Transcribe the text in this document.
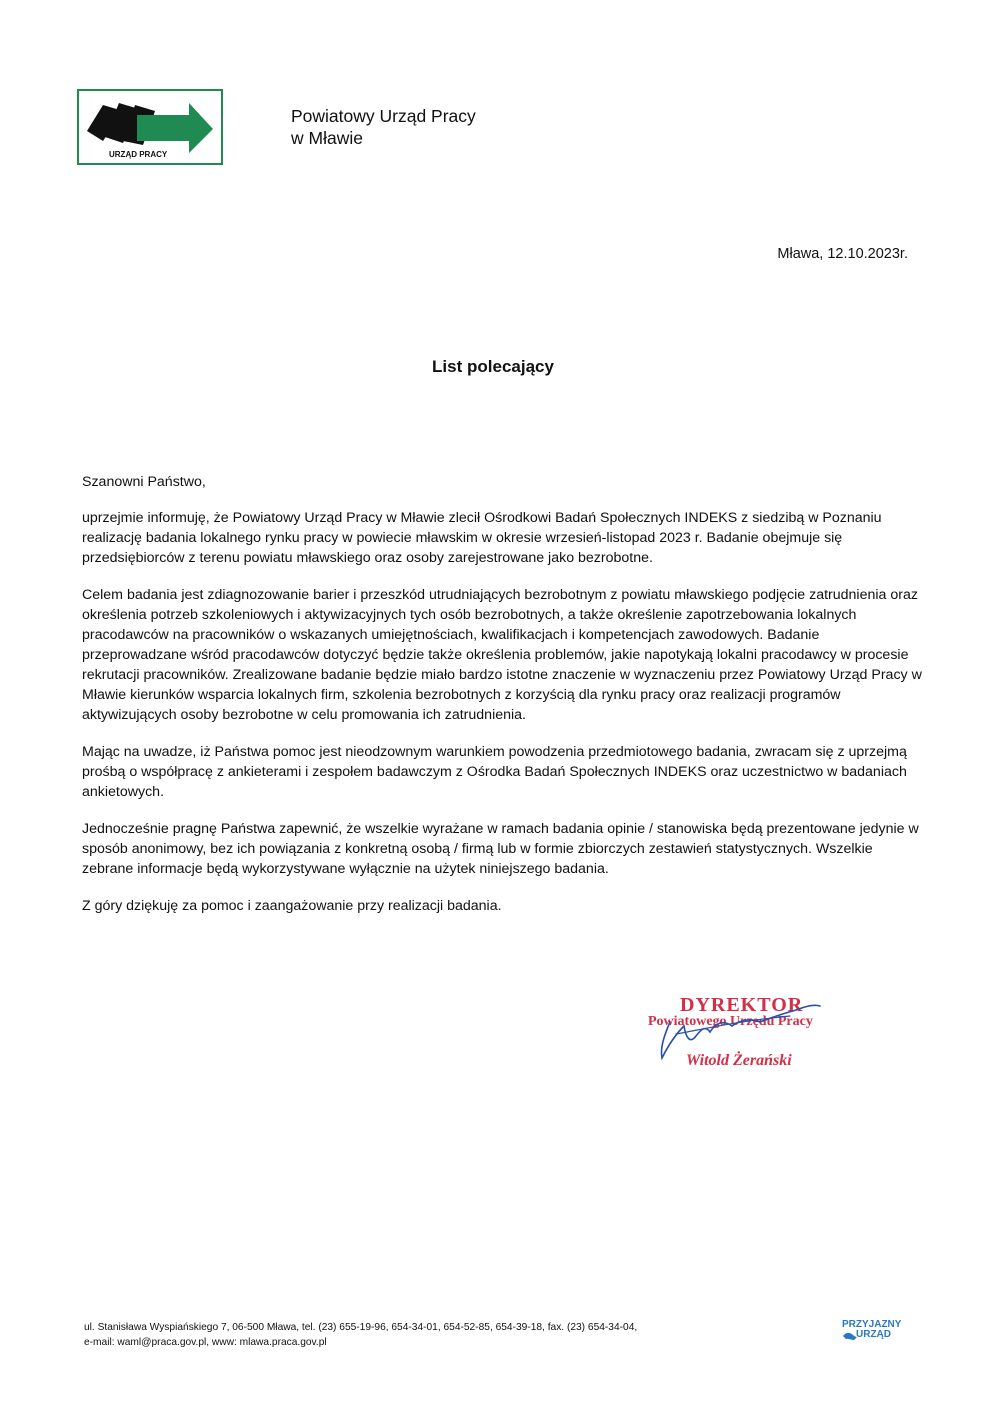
URZĄD PRACY
Powiatowy Urząd Pracy
w Mławie
Mława, 12.10.2023r.
List polecający

Szanowni Państwo,

uprzejmie informuję, że Powiatowy Urząd Pracy w Mławie zlecił Ośrodkowi Badań Społecznych INDEKS z siedzibą w Poznaniu realizację badania lokalnego rynku pracy w powiecie mławskim w okresie wrzesień-listopad 2023 r. Badanie obejmuje się przedsiębiorców z terenu powiatu mławskiego oraz osoby zarejestrowane jako bezrobotne.

Celem badania jest zdiagnozowanie barier i przeszkód utrudniających bezrobotnym z powiatu mławskiego podjęcie zatrudnienia oraz określenia potrzeb szkoleniowych i aktywizacyjnych tych osób bezrobotnych, a także określenie zapotrzebowania lokalnych pracodawców na pracowników o wskazanych umiejętnościach, kwalifikacjach i kompetencjach zawodowych. Badanie przeprowadzane wśród pracodawców dotyczyć będzie także określenia problemów, jakie napotykają lokalni pracodawcy w procesie rekrutacji pracowników. Zrealizowane badanie będzie miało bardzo istotne znaczenie w wyznaczeniu przez Powiatowy Urząd Pracy w Mławie kierunków wsparcia lokalnych firm, szkolenia bezrobotnych z korzyścią dla rynku pracy oraz realizacji programów aktywizujących osoby bezrobotne w celu promowania ich zatrudnienia.

Mając na uwadze, iż Państwa pomoc jest nieodzownym warunkiem powodzenia przedmiotowego badania, zwracam się z uprzejmą prośbą o współpracę z ankieterami i zespołem badawczym z Ośrodka Badań Społecznych INDEKS oraz uczestnictwo w badaniach ankietowych.

Jednocześnie pragnę Państwa zapewnić, że wszelkie wyrażane w ramach badania opinie / stanowiska będą prezentowane jedynie w sposób anonimowy, bez ich powiązania z konkretną osobą / firmą lub w formie zbiorczych zestawień statystycznych. Wszelkie zebrane informacje będą wykorzystywane wyłącznie na użytek niniejszego badania.

Z góry dziękuję za pomoc i zaangażowanie przy realizacji badania.

DYREKTOR
Powiatowego Urzędu Pracy
Witold Żerański
ul. Stanisława Wyspiańskiego 7, 06-500 Mława, tel. (23) 655-19-96, 654-34-01, 654-52-85, 654-39-18, fax. (23) 654-34-04,
e-mail: waml@praca.gov.pl, www: mlawa.praca.gov.pl
PRZYJAZNY
URZĄD
